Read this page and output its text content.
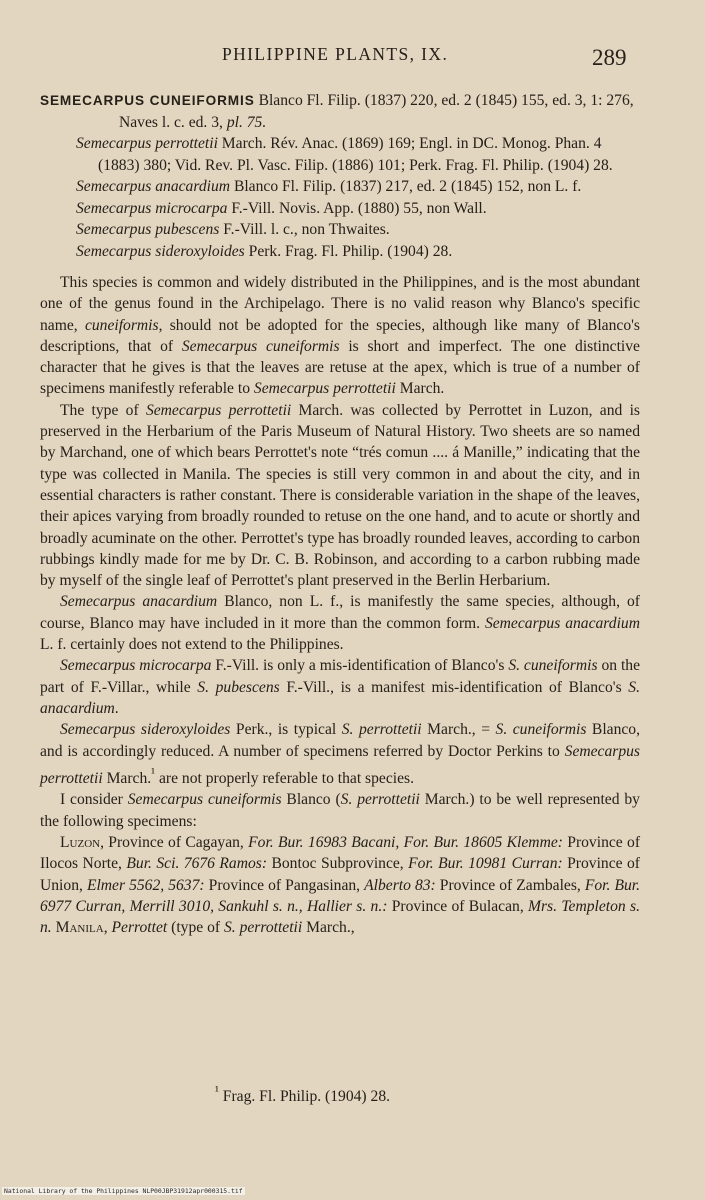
PHILIPPINE PLANTS, IX.	289
SEMECARPUS CUNEIFORMIS Blanco Fl. Filip. (1837) 220, ed. 2 (1845) 155, ed. 3, 1: 276, Naves l. c. ed. 3, pl. 75.
Semecarpus perrottetii March. Rév. Anac. (1869) 169; Engl. in DC. Monog. Phan. 4 (1883) 380; Vid. Rev. Pl. Vasc. Filip. (1886) 101; Perk. Frag. Fl. Philip. (1904) 28.
Semecarpus anacardium Blanco Fl. Filip. (1837) 217, ed. 2 (1845) 152, non L. f.
Semecarpus microcarpa F.-Vill. Novis. App. (1880) 55, non Wall.
Semecarpus pubescens F.-Vill. l. c., non Thwaites.
Semecarpus sideroxyloides Perk. Frag. Fl. Philip. (1904) 28.

This species is common and widely distributed in the Philippines, and is the most abundant one of the genus found in the Archipelago. There is no valid reason why Blanco's specific name, cuneiformis, should not be adopted for the species, although like many of Blanco's descriptions, that of Semecarpus cuneiformis is short and imperfect. The one distinctive character that he gives is that the leaves are retuse at the apex, which is true of a number of specimens manifestly referable to Semecarpus perrottetii March.

The type of Semecarpus perrottetii March. was collected by Perrottet in Luzon, and is preserved in the Herbarium of the Paris Museum of Natural History. Two sheets are so named by Marchand, one of which bears Perrottet's note “trés comun .... á Manille,” indicating that the type was collected in Manila. The species is still very common in and about the city, and in essential characters is rather constant. There is considerable variation in the shape of the leaves, their apices varying from broadly rounded to retuse on the one hand, and to acute or shortly and broadly acuminate on the other. Perrottet's type has broadly rounded leaves, according to carbon rubbings kindly made for me by Dr. C. B. Robinson, and according to a carbon rubbing made by myself of the single leaf of Perrottet's plant preserved in the Berlin Herbarium.

Semecarpus anacardium Blanco, non L. f., is manifestly the same species, although, of course, Blanco may have included in it more than the common form. Semecarpus anacardium L. f. certainly does not extend to the Philippines.

Semecarpus microcarpa F.-Vill. is only a mis-identification of Blanco's S. cuneiformis on the part of F.-Villar., while S. pubescens F.-Vill., is a manifest mis-identification of Blanco's S. anacardium.

Semecarpus sideroxyloides Perk., is typical S. perrottetii March., = S. cuneiformis Blanco, and is accordingly reduced. A number of specimens referred by Doctor Perkins to Semecarpus perrottetii March.$^{^1}$ are not properly referable to that species.

I consider Semecarpus cuneiformis Blanco (S. perrottetii March.) to be well represented by the following specimens:

Luzon, Province of Cagayan, For. Bur. 16983 Bacani, For. Bur. 18605 Klemme: Province of Ilocos Norte, Bur. Sci. 7676 Ramos: Bontoc Subprovince, For. Bur. 10981 Curran: Province of Union, Elmer 5562, 5637: Province of Pangasinan, Alberto 83: Province of Zambales, For. Bur. 6977 Curran, Merrill 3010, Sankuhl s. n., Hallier s. n.: Province of Bulacan, Mrs. Templeton s. n. Manila, Perrottet (type of S. perrottetii March.,

$^{^1}$ Frag. Fl. Philip. (1904) 28.
National Library of the Philippines NLP00JBP31912apr000315.tif
